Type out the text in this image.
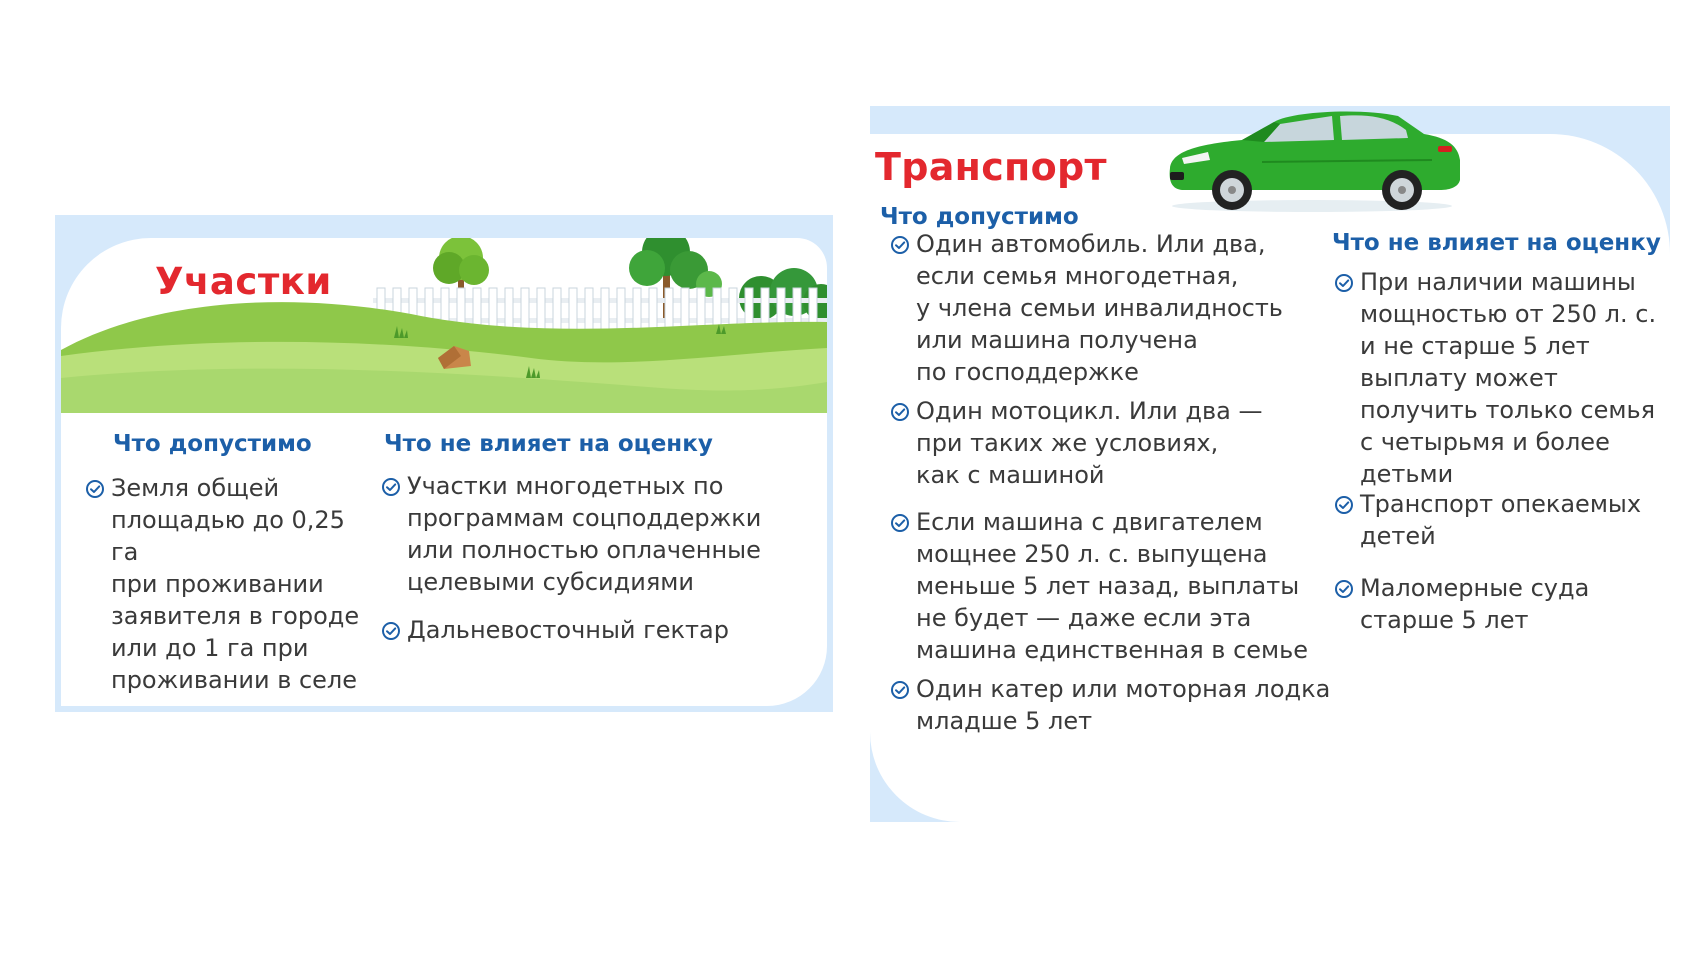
Участки
Что допустимо	Что не влияет на оценку
Земля общей
площадью до 0,25 га
при проживании
заявителя в городе
или до 1 га при
проживании в селе
Участки многодетных по
программам соцподдержки
или полностью оплаченные
целевыми субсидиями
Дальневосточный гектар
Транспорт
Что допустимо
Что не влияет на оценку
Один автомобиль. Или два,
если семья многодетная,
у члена семьи инвалидность
или машина получена
по господдержке
Один мотоцикл. Или два —
при таких же условиях,
как с машиной
Если машина с двигателем
мощнее 250 л. с. выпущена
меньше 5 лет назад, выплаты
не будет — даже если эта
машина единственная в семье
Один катер или моторная лодка
младше 5 лет
При наличии машины
мощностью от 250 л. с.
и не старше 5 лет
выплату может
получить только семья
с четырьмя и более
детьми
Транспорт опекаемых
детей
Маломерные суда
старше 5 лет
